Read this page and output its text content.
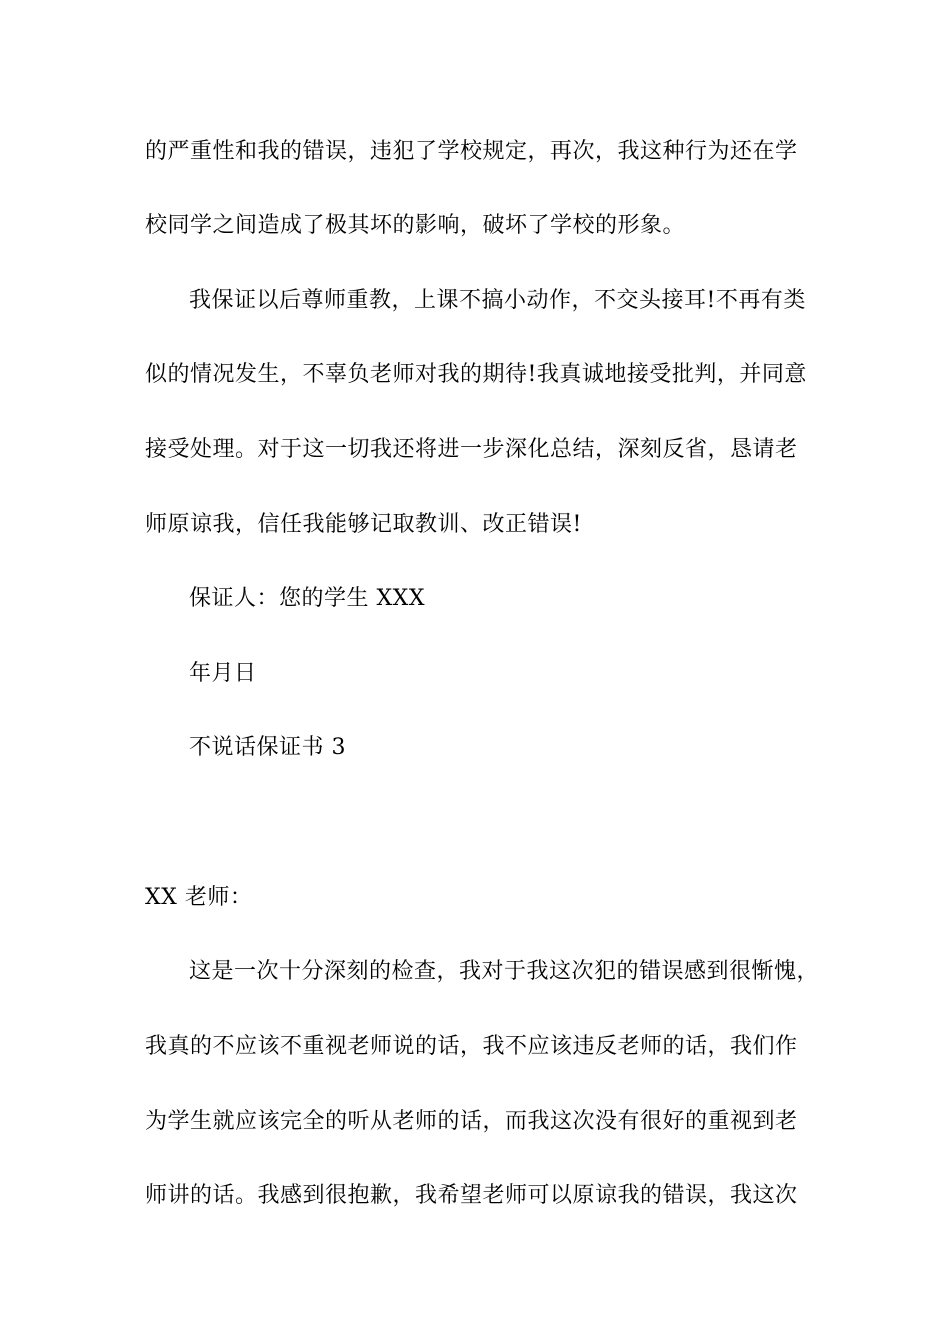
的严重性和我的错误，违犯了学校规定，再次，我这种行为还在学
校同学之间造成了极其坏的影响，破坏了学校的形象。
我保证以后尊师重教，上课不搞小动作，不交头接耳!不再有类
似的情况发生，不辜负老师对我的期待!我真诚地接受批判，并同意
接受处理。对于这一切我还将进一步深化总结，深刻反省，恳请老
师原谅我，信任我能够记取教训、改正错误!
保证人：您的学生 XXX
年月日
不说话保证书 3
XX 老师：
这是一次十分深刻的检查，我对于我这次犯的错误感到很惭愧，
我真的不应该不重视老师说的话，我不应该违反老师的话，我们作
为学生就应该完全的听从老师的话，而我这次没有很好的重视到老
师讲的话。我感到很抱歉，我希望老师可以原谅我的错误，我这次
